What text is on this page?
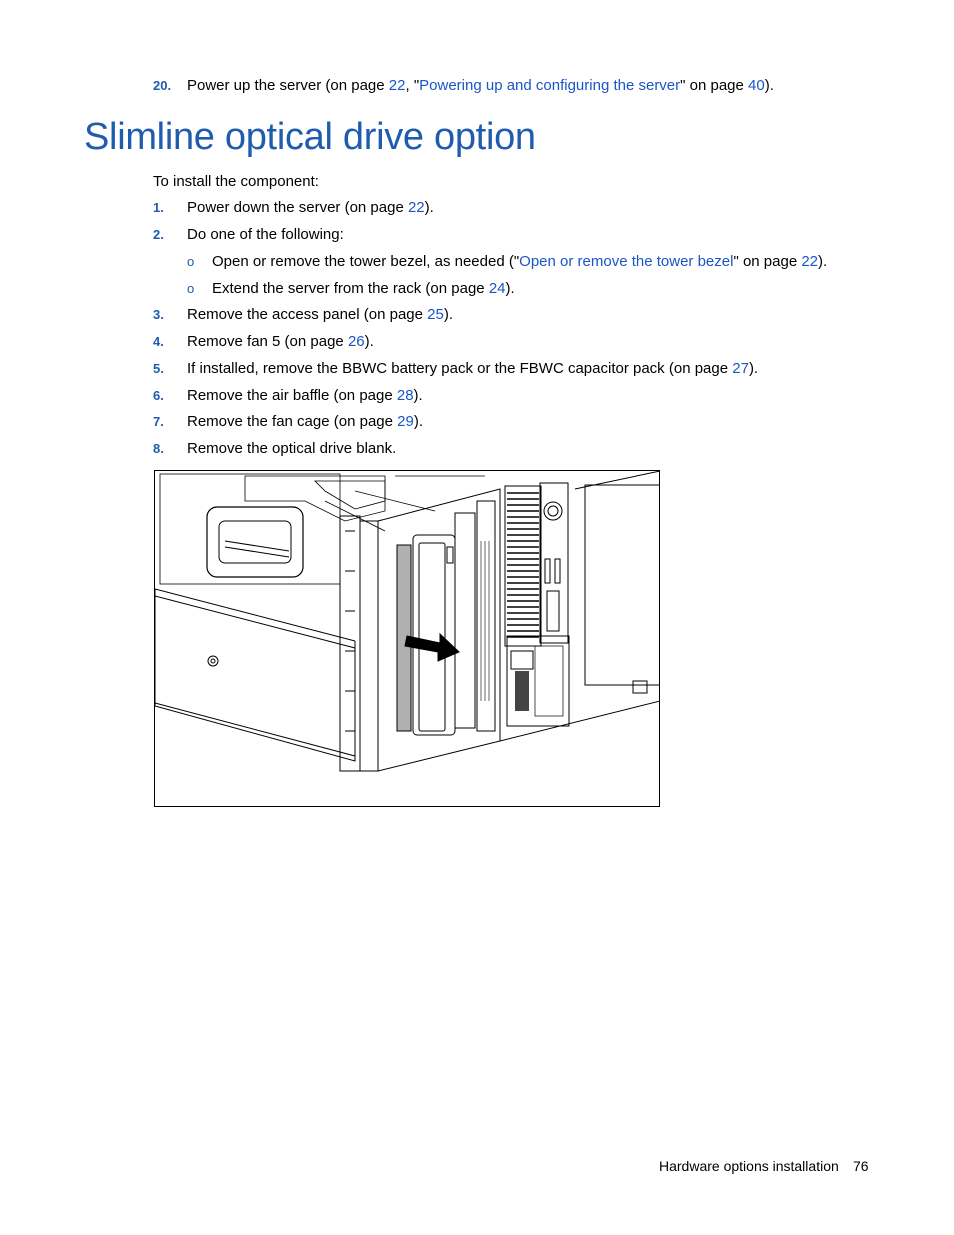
20. Power up the server (on page 22, "Powering up and configuring the server" on page 40).
Slimline optical drive option
To install the component:
1. Power down the server (on page 22).
2. Do one of the following:
o Open or remove the tower bezel, as needed ("Open or remove the tower bezel" on page 22).
o Extend the server from the rack (on page 24).
3. Remove the access panel (on page 25).
4. Remove fan 5 (on page 26).
5. If installed, remove the BBWC battery pack or the FBWC capacitor pack (on page 27).
6. Remove the air baffle (on page 28).
7. Remove the fan cage (on page 29).
8. Remove the optical drive blank.
Hardware options installation 76
